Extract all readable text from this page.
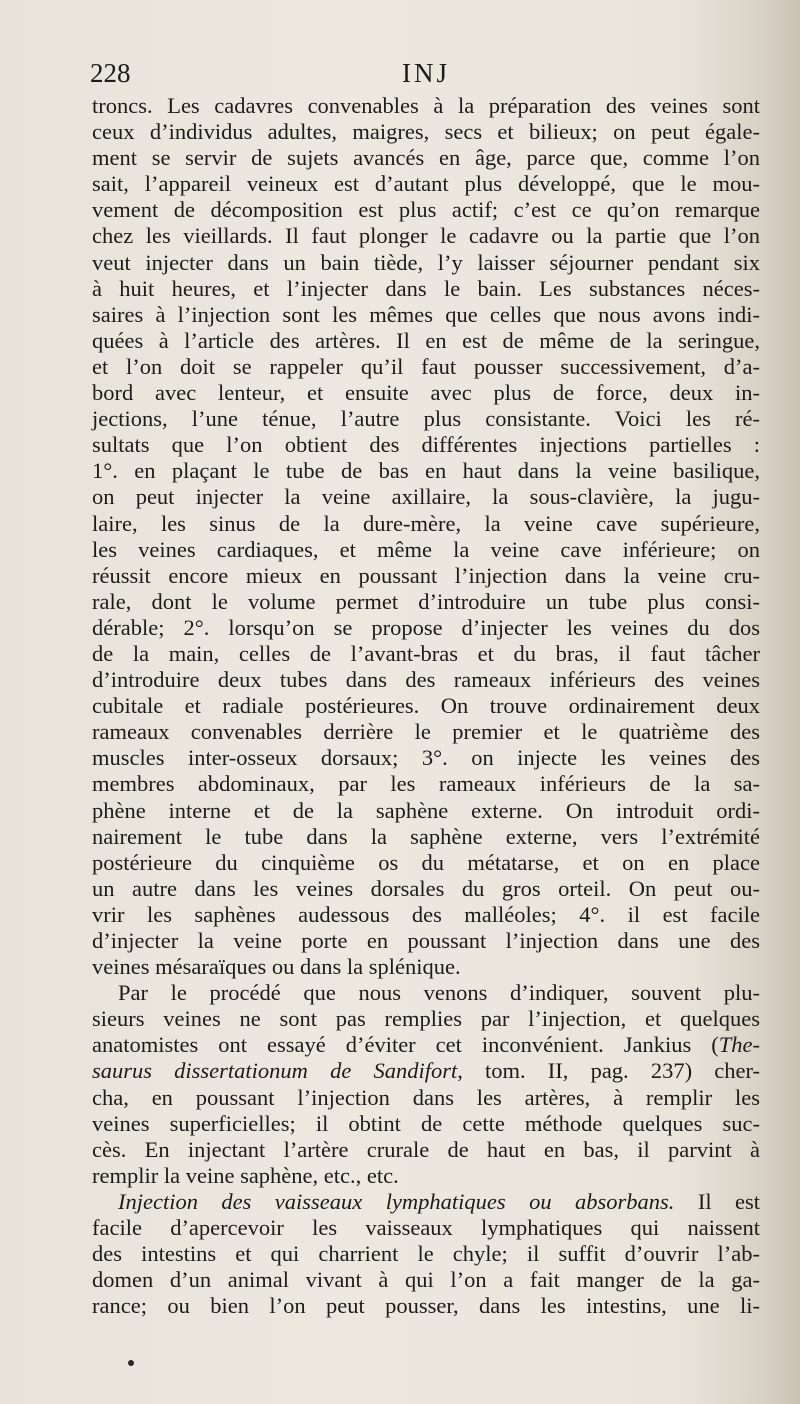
228	INJ
troncs. Les cadavres convenables à la préparation des veines sont
ceux d’individus adultes, maigres, secs et bilieux; on peut égale-
ment se servir de sujets avancés en âge, parce que, comme l’on
sait, l’appareil veineux est d’autant plus développé, que le mou-
vement de décomposition est plus actif; c’est ce qu’on remarque
chez les vieillards. Il faut plonger le cadavre ou la partie que l’on
veut injecter dans un bain tiède, l’y laisser séjourner pendant six
à huit heures, et l’injecter dans le bain. Les substances néces-
saires à l’injection sont les mêmes que celles que nous avons indi-
quées à l’article des artères. Il en est de même de la seringue,
et l’on doit se rappeler qu’il faut pousser successivement, d’a-
bord avec lenteur, et ensuite avec plus de force, deux in-
jections, l’une ténue, l’autre plus consistante. Voici les ré-
sultats que l’on obtient des différentes injections partielles :
1°. en plaçant le tube de bas en haut dans la veine basilique,
on peut injecter la veine axillaire, la sous-clavière, la jugu-
laire, les sinus de la dure-mère, la veine cave supérieure,
les veines cardiaques, et même la veine cave inférieure; on
réussit encore mieux en poussant l’injection dans la veine cru-
rale, dont le volume permet d’introduire un tube plus consi-
dérable; 2°. lorsqu’on se propose d’injecter les veines du dos
de la main, celles de l’avant-bras et du bras, il faut tâcher
d’introduire deux tubes dans des rameaux inférieurs des veines
cubitale et radiale postérieures. On trouve ordinairement deux
rameaux convenables derrière le premier et le quatrième des
muscles inter-osseux dorsaux; 3°. on injecte les veines des
membres abdominaux, par les rameaux inférieurs de la sa-
phène interne et de la saphène externe. On introduit ordi-
nairement le tube dans la saphène externe, vers l’extrémité
postérieure du cinquième os du métatarse, et on en place
un autre dans les veines dorsales du gros orteil. On peut ou-
vrir les saphènes audessous des malléoles; 4°. il est facile
d’injecter la veine porte en poussant l’injection dans une des
veines mésaraïques ou dans la splénique.
Par le procédé que nous venons d’indiquer, souvent plu-
sieurs veines ne sont pas remplies par l’injection, et quelques
anatomistes ont essayé d’éviter cet inconvénient. Jankius (The-
saurus dissertationum de Sandifort, tom. II, pag. 237) cher-
cha, en poussant l’injection dans les artères, à remplir les
veines superficielles; il obtint de cette méthode quelques suc-
cès. En injectant l’artère crurale de haut en bas, il parvint à
remplir la veine saphène, etc., etc.
Injection des vaisseaux lymphatiques ou absorbans. Il est
facile d’apercevoir les vaisseaux lymphatiques qui naissent
des intestins et qui charrient le chyle; il suffit d’ouvrir l’ab-
domen d’un animal vivant à qui l’on a fait manger de la ga-
rance; ou bien l’on peut pousser, dans les intestins, une li-
